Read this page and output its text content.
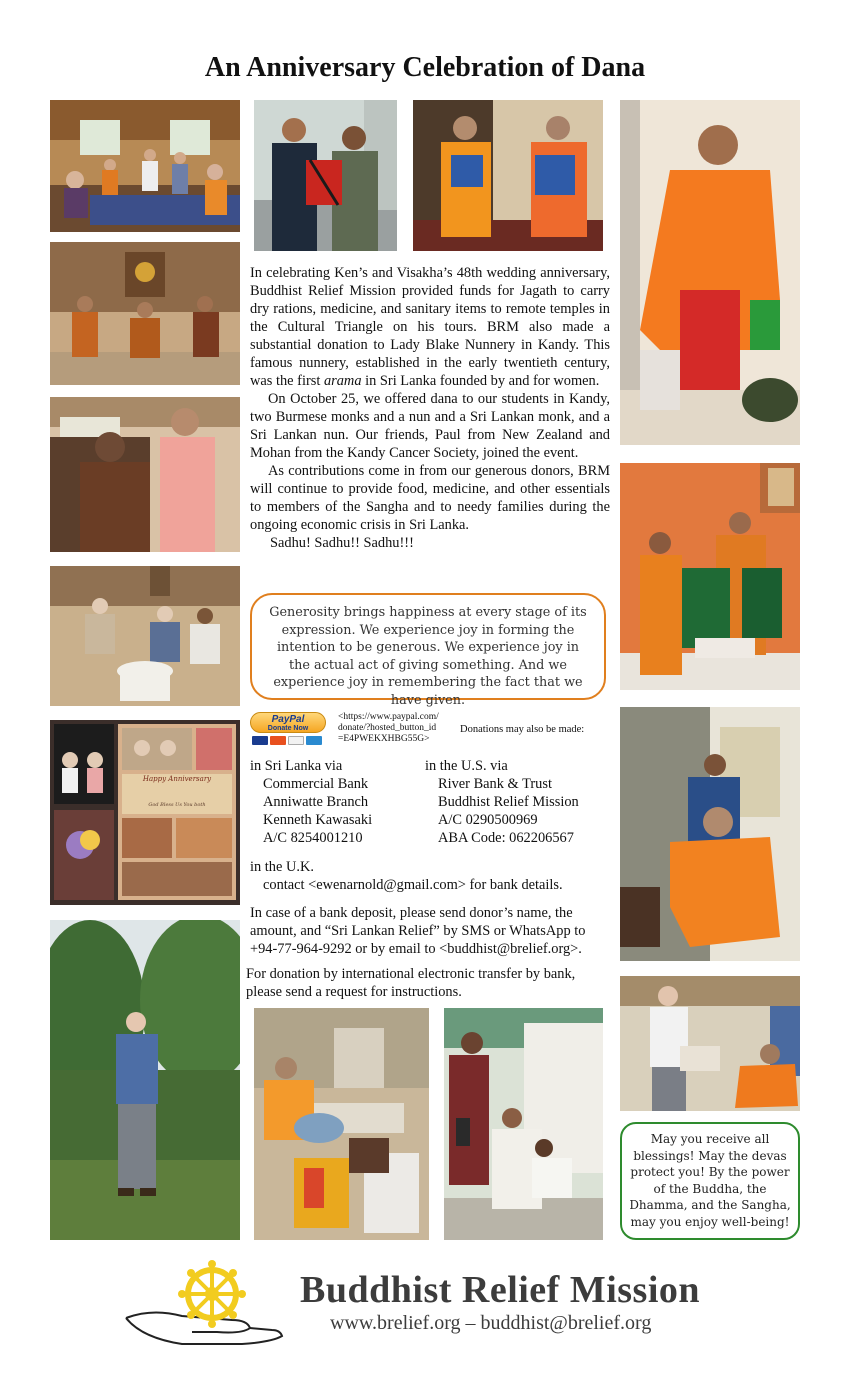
An Anniversary Celebration of Dana
Happy Anniversary
God Bless Us You both

In celebrating Ken’s and Visakha’s 48th wedding anniversary, Buddhist Relief Mission provided funds for Jagath to carry dry rations, medicine, and sanitary items to remote temples in the Cultural Triangle on his tours. BRM also made a substantial donation to Lady Blake Nunnery in Kandy. This famous nunnery, established in the early twentieth century, was the first arama in Sri Lanka founded by and for women.

On October 25, we offered dana to our students in Kandy, two Burmese monks and a nun and a Sri Lankan monk, and a Sri Lankan nun. Our friends, Paul from New Zealand and Mohan from the Kandy Cancer Society, joined the event.

As contributions come in from our generous donors, BRM will continue to provide food, medicine, and other essentials to members of the Sangha and to needy families during the ongoing economic crisis in Sri Lanka.

Sadhu! Sadhu!! Sadhu!!!

Generosity brings happiness at every stage of its expression. We experience joy in forming the intention to be generous. We experience joy in the actual act of giving something. And we experience joy in remembering the fact that we have given.
PayPal
Donate Now
<https://www.paypal.com/
donate/?hosted_button_id
=E4PWEKXHBG55G>
Donations may also be made:
in Sri Lanka via
Commercial Bank
Anniwatte Branch
Kenneth Kawasaki
A/C 8254001210
in the U.S. via
River Bank & Trust
Buddhist Relief Mission
A/C 0290500969
ABA Code: 062206567
in the U.K.
contact <ewenarnold@gmail.com> for bank details.
In case of a bank deposit, please send donor’s name, the
amount, and “Sri Lankan Relief” by SMS or WhatsApp to
+94-77-964-9292 or by email to <buddhist@brelief.org>.
For donation by international electronic transfer by bank,
please send a request for instructions.
May you receive all blessings! May the devas protect you! By the power of the Buddha, the Dhamma, and the Sangha, may you enjoy well-being!
Buddhist Relief Mission
www.brelief.org – buddhist@brelief.org
